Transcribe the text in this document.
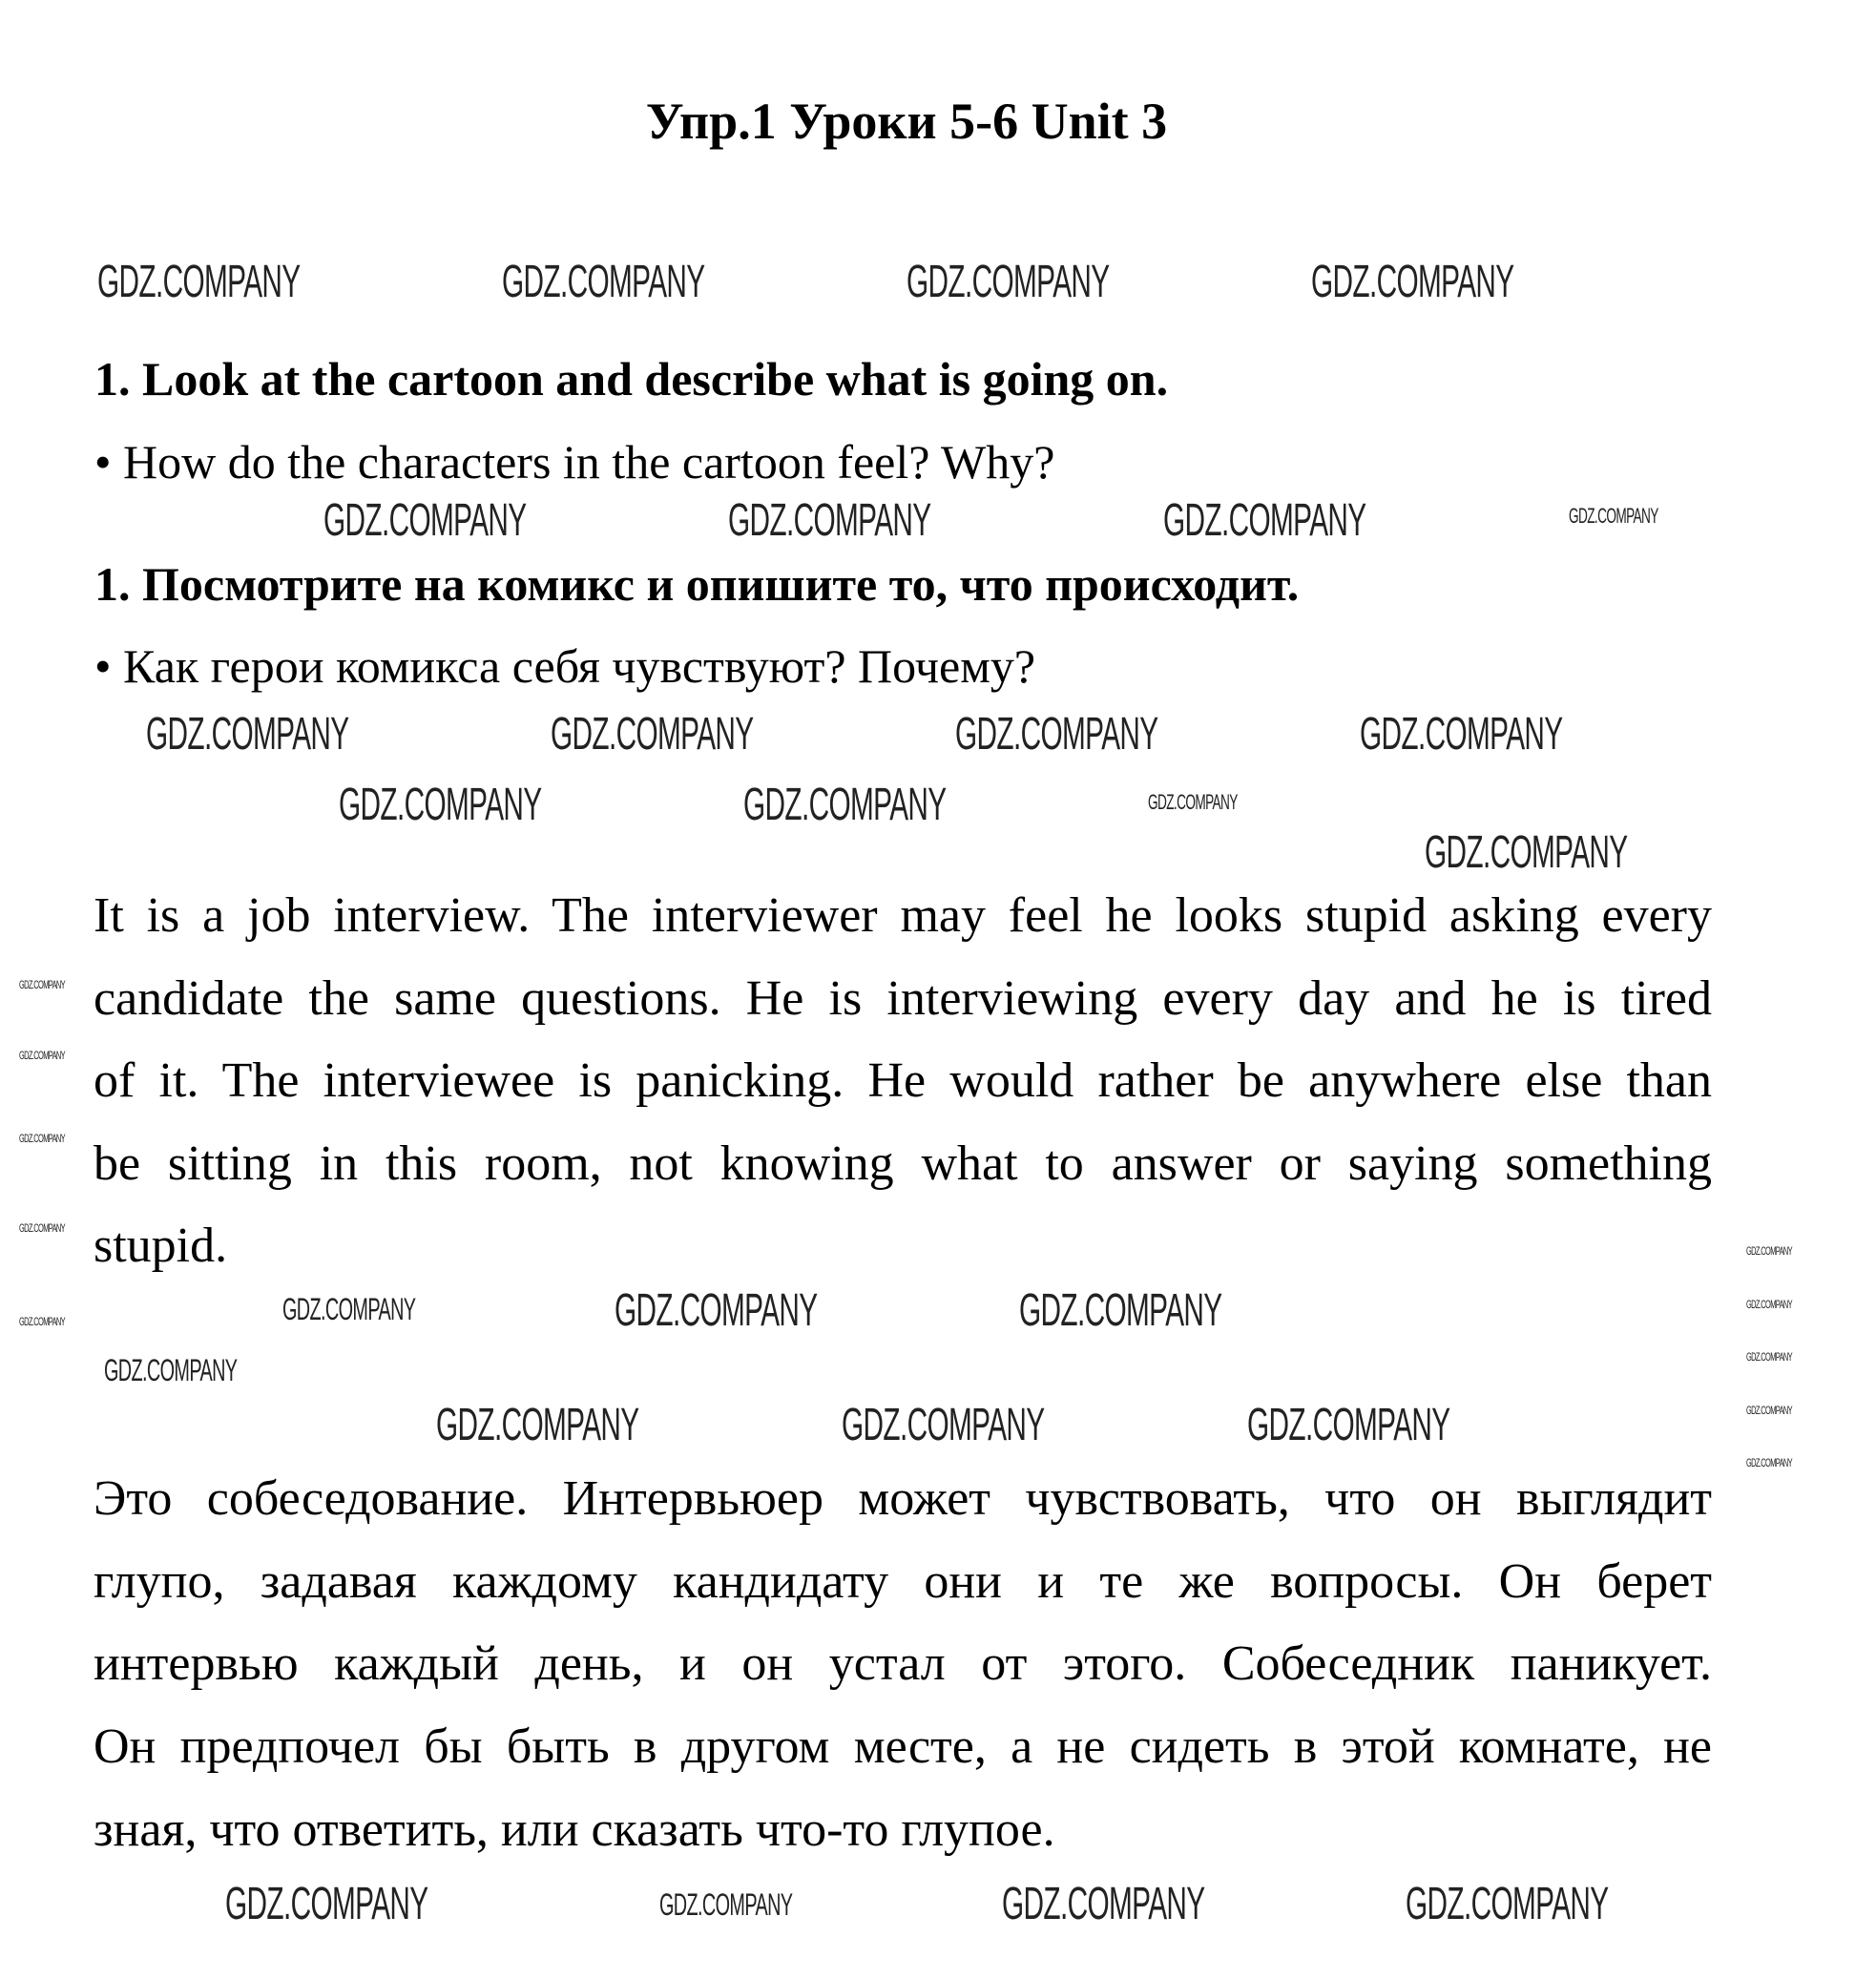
Упр.1 Уроки 5-6 Unit 3
1. Look at the cartoon and describe what is going on.
• How do the characters in the cartoon feel? Why?
1. Посмотрите на комикс и опишите то, что происходит.
• Как герои комикса себя чувствуют? Почему?
It is a job interview. The interviewer may feel he looks stupid asking every
candidate the same questions. He is interviewing every day and he is tired
of it. The interviewee is panicking. He would rather be anywhere else than
be sitting in this room, not knowing what to answer or saying something
stupid.
Это собеседование. Интервьюер может чувствовать, что он выглядит
глупо, задавая каждому кандидату они и те же вопросы. Он берет
интервью каждый день, и он устал от этого. Собеседник паникует.
Он предпочел бы быть в другом месте, а не сидеть в этой комнате, не
зная, что ответить, или сказать что-то глупое.
GDZ.COMPANY	GDZ.COMPANY	GDZ.COMPANY	GDZ.COMPANY
GDZ.COMPANY	GDZ.COMPANY	GDZ.COMPANY	GDZ.COMPANY
GDZ.COMPANY	GDZ.COMPANY	GDZ.COMPANY	GDZ.COMPANY
GDZ.COMPANY	GDZ.COMPANY	GDZ.COMPANY
GDZ.COMPANY
GDZ.COMPANY
GDZ.COMPANY
GDZ.COMPANY
GDZ.COMPANY	GDZ.COMPANY	GDZ.COMPANY
GDZ.COMPANY
GDZ.COMPANY
GDZ.COMPANY
GDZ.COMPANY
GDZ.COMPANY
GDZ.COMPANY
GDZ.COMPANY
GDZ.COMPANY	GDZ.COMPANY	GDZ.COMPANY
GDZ.COMPANY
GDZ.COMPANY	GDZ.COMPANY	GDZ.COMPANY	GDZ.COMPANY
